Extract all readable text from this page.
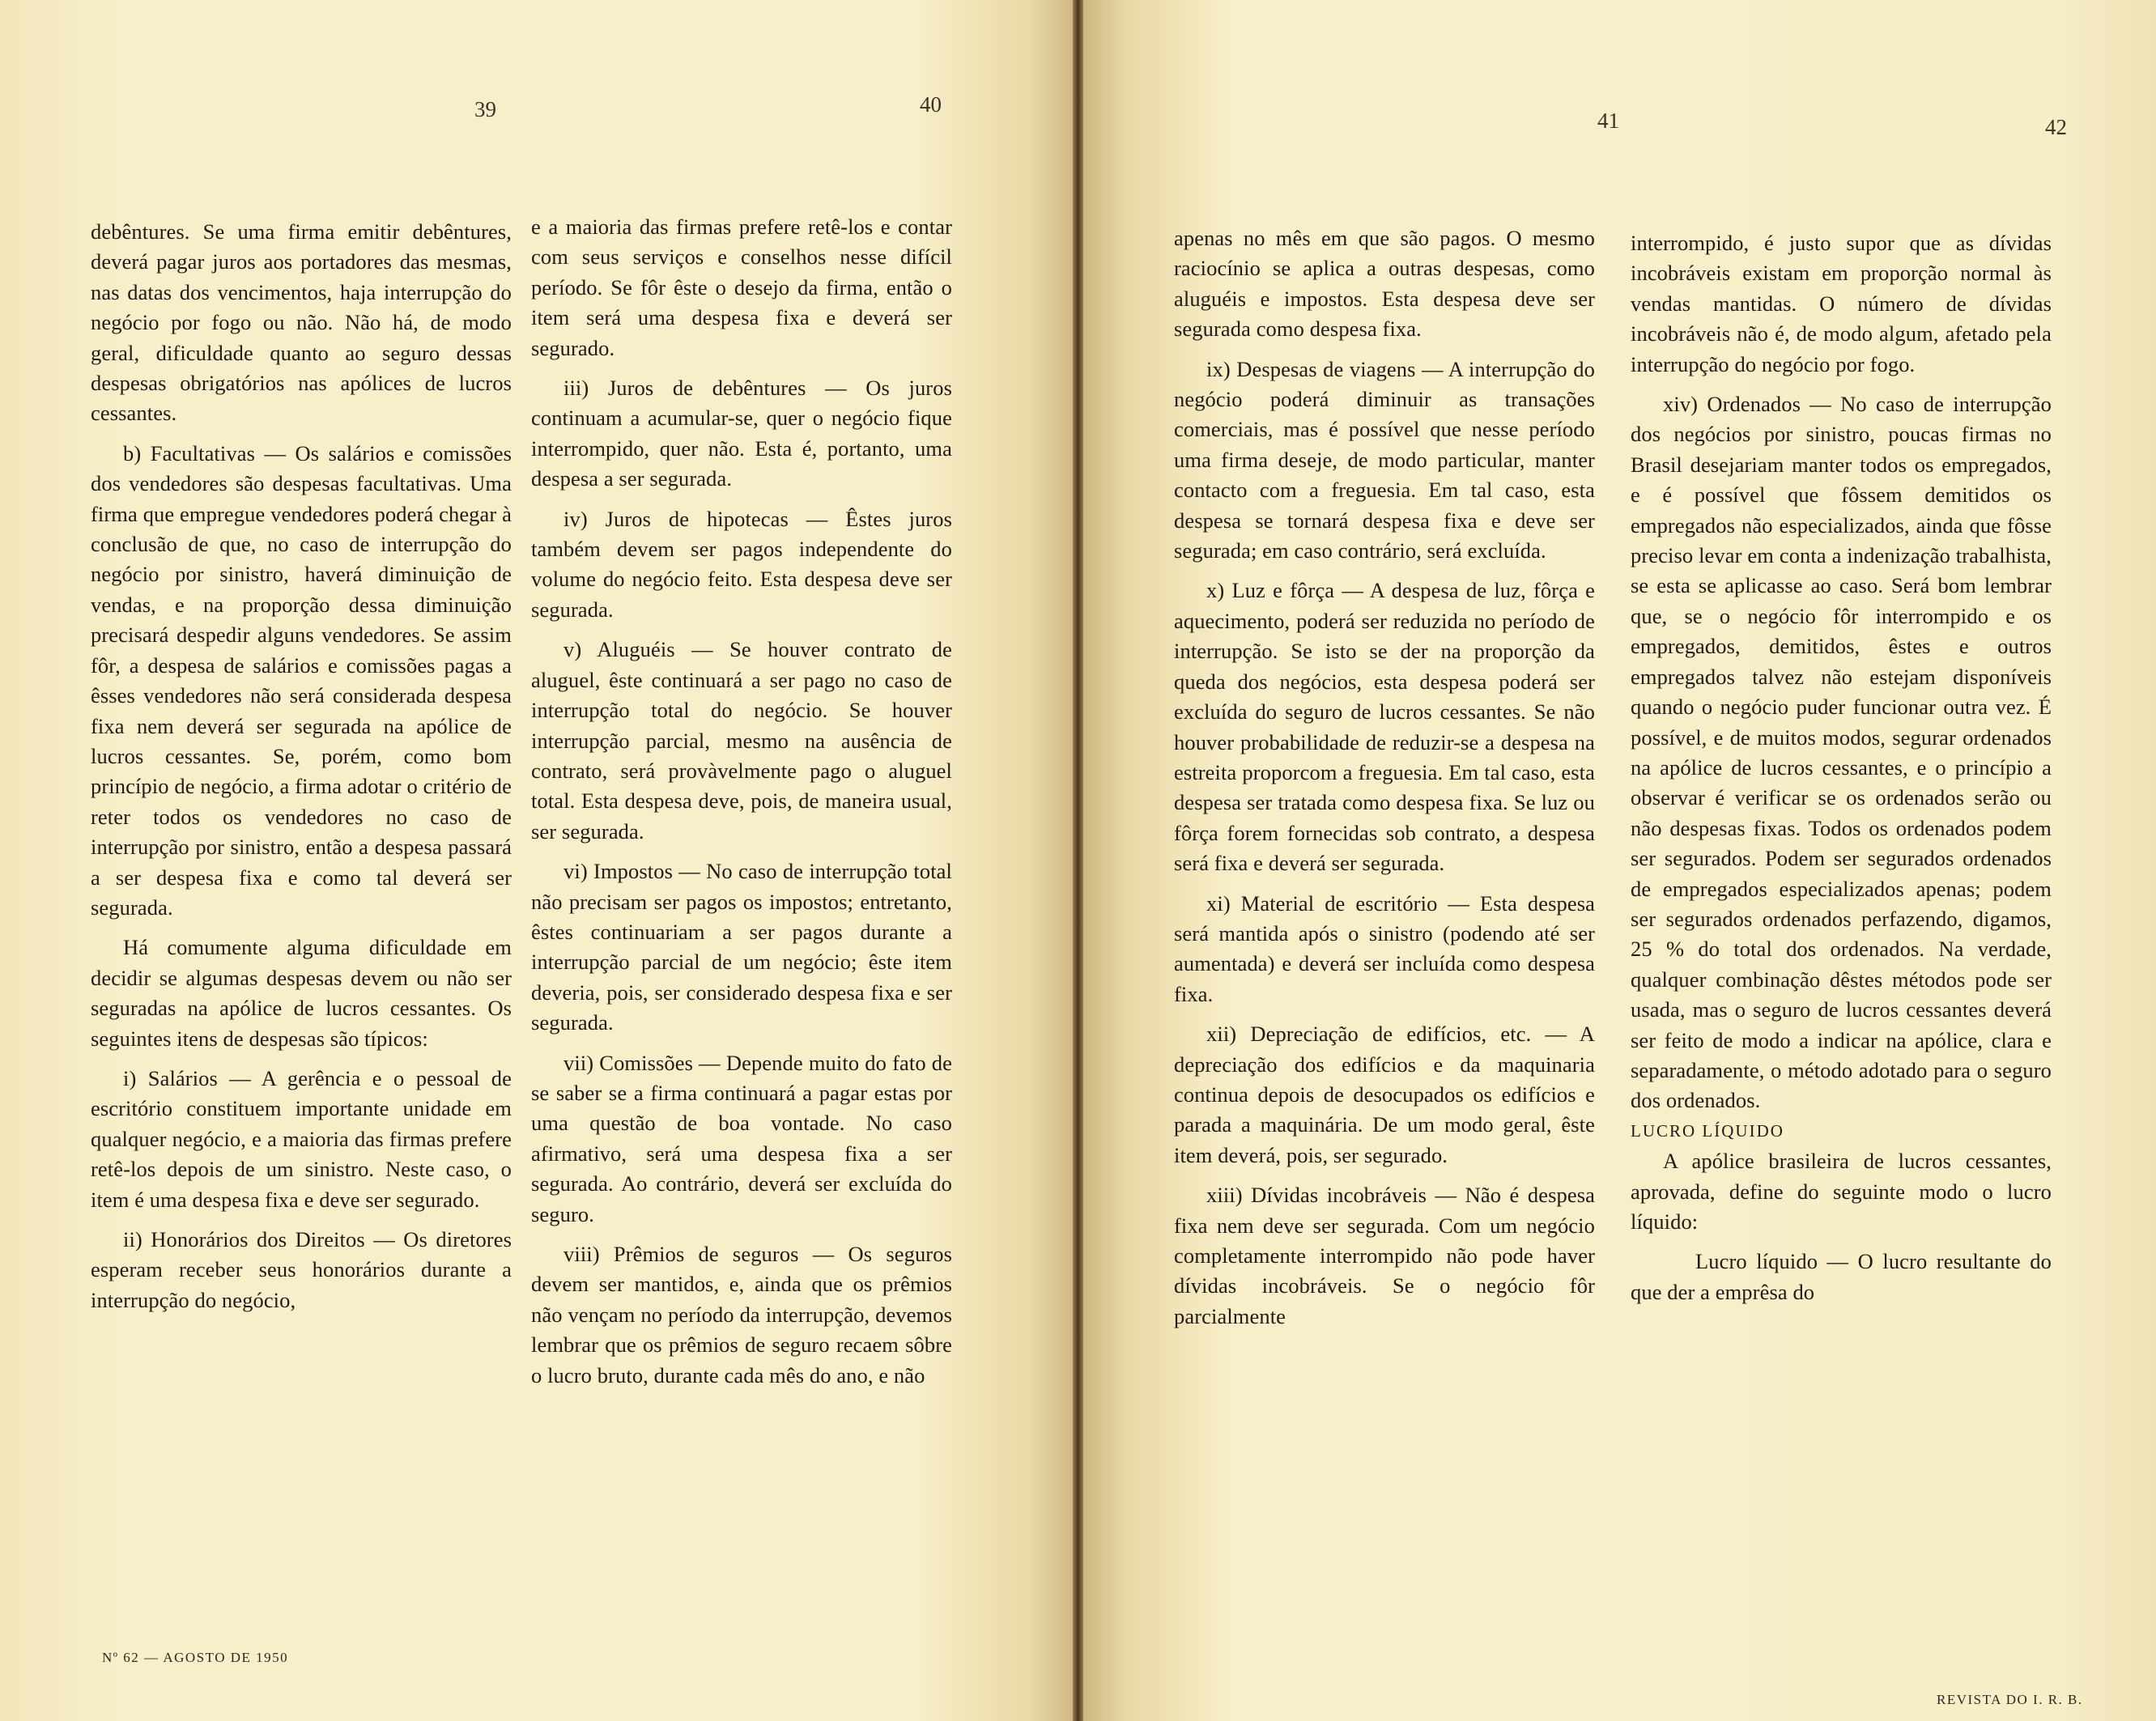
39	40

debêntures. Se uma firma emitir debêntures, deverá pagar juros aos portadores das mesmas, nas datas dos vencimentos, haja interrupção do negócio por fogo ou não. Não há, de modo geral, dificuldade quanto ao seguro dessas despesas obrigatórios nas apólices de lucros cessantes.

b) Facultativas — Os salários e comissões dos vendedores são despesas facultativas. Uma firma que empregue vendedores poderá chegar à conclusão de que, no caso de interrupção do negócio por sinistro, haverá diminuição de vendas, e na proporção dessa diminuição precisará despedir alguns vendedores. Se assim fôr, a despesa de salários e comissões pagas a êsses vendedores não será considerada despesa fixa nem deverá ser segurada na apólice de lucros cessantes. Se, porém, como bom princípio de negócio, a firma adotar o critério de reter todos os vendedores no caso de interrupção por sinistro, então a despesa passará a ser despesa fixa e como tal deverá ser segurada.

Há comumente alguma dificuldade em decidir se algumas despesas devem ou não ser seguradas na apólice de lucros cessantes. Os seguintes itens de despesas são típicos:

i) Salários — A gerência e o pessoal de escritório constituem importante unidade em qualquer negócio, e a maioria das firmas prefere retê-los depois de um sinistro. Neste caso, o item é uma despesa fixa e deve ser segurado.

ii) Honorários dos Direitos — Os diretores esperam receber seus honorários durante a interrupção do negócio,

e a maioria das firmas prefere retê-los e contar com seus serviços e conselhos nesse difícil período. Se fôr êste o desejo da firma, então o item será uma despesa fixa e deverá ser segurado.

iii) Juros de debêntures — Os juros continuam a acumular-se, quer o negócio fique interrompido, quer não. Esta é, portanto, uma despesa a ser segurada.

iv) Juros de hipotecas — Êstes juros também devem ser pagos independente do volume do negócio feito. Esta despesa deve ser segurada.

v) Aluguéis — Se houver contrato de aluguel, êste continuará a ser pago no caso de interrupção total do negócio. Se houver interrupção parcial, mesmo na ausência de contrato, será provàvelmente pago o aluguel total. Esta despesa deve, pois, de maneira usual, ser segurada.

vi) Impostos — No caso de interrupção total não precisam ser pagos os impostos; entretanto, êstes continuariam a ser pagos durante a interrupção parcial de um negócio; êste item deveria, pois, ser considerado despesa fixa e ser segurada.

vii) Comissões — Depende muito do fato de se saber se a firma continuará a pagar estas por uma questão de boa vontade. No caso afirmativo, será uma despesa fixa a ser segurada. Ao contrário, deverá ser excluída do seguro.

viii) Prêmios de seguros — Os seguros devem ser mantidos, e, ainda que os prêmios não vençam no período da interrupção, devemos lembrar que os prêmios de seguro recaem sôbre o lucro bruto, durante cada mês do ano, e não

Nº 62 — AGOSTO DE 1950
41	42

apenas no mês em que são pagos. O mesmo raciocínio se aplica a outras despesas, como aluguéis e impostos. Esta despesa deve ser segurada como despesa fixa.

ix) Despesas de viagens — A interrupção do negócio poderá diminuir as transações comerciais, mas é possível que nesse período uma firma deseje, de modo particular, manter contacto com a freguesia. Em tal caso, esta despesa se tornará despesa fixa e deve ser segurada; em caso contrário, será excluída.

x) Luz e fôrça — A despesa de luz, fôrça e aquecimento, poderá ser reduzida no período de interrupção. Se isto se der na proporção da queda dos negócios, esta despesa poderá ser excluída do seguro de lucros cessantes. Se não houver probabilidade de reduzir-se a despesa na estreita proporcom a freguesia. Em tal caso, esta despesa ser tratada como despesa fixa. Se luz ou fôrça forem fornecidas sob contrato, a despesa será fixa e deverá ser segurada.

xi) Material de escritório — Esta despesa será mantida após o sinistro (podendo até ser aumentada) e deverá ser incluída como despesa fixa.

xii) Depreciação de edifícios, etc. — A depreciação dos edifícios e da maquinaria continua depois de desocupados os edifícios e parada a maquinária. De um modo geral, êste item deverá, pois, ser segurado.

xiii) Dívidas incobráveis — Não é despesa fixa nem deve ser segurada. Com um negócio completamente interrompido não pode haver dívidas incobráveis. Se o negócio fôr parcialmente

interrompido, é justo supor que as dívidas incobráveis existam em proporção normal às vendas mantidas. O número de dívidas incobráveis não é, de modo algum, afetado pela interrupção do negócio por fogo.

xiv) Ordenados — No caso de interrupção dos negócios por sinistro, poucas firmas no Brasil desejariam manter todos os empregados, e é possível que fôssem demitidos os empregados não especializados, ainda que fôsse preciso levar em conta a indenização trabalhista, se esta se aplicasse ao caso. Será bom lembrar que, se o negócio fôr interrompido e os empregados, demitidos, êstes e outros empregados talvez não estejam disponíveis quando o negócio puder funcionar outra vez. É possível, e de muitos modos, segurar ordenados na apólice de lucros cessantes, e o princípio a observar é verificar se os ordenados serão ou não despesas fixas. Todos os ordenados podem ser segurados. Podem ser segurados ordenados de empregados especializados apenas; podem ser segurados ordenados perfazendo, digamos, 25 % do total dos ordenados. Na verdade, qualquer combinação dêstes métodos pode ser usada, mas o seguro de lucros cessantes deverá ser feito de modo a indicar na apólice, clara e separadamente, o método adotado para o seguro dos ordenados.

LUCRO LÍQUIDO

A apólice brasileira de lucros cessantes, aprovada, define do seguinte modo o lucro líquido:

Lucro líquido — O lucro resultante do que der a emprêsa do

REVISTA DO I. R. B.
